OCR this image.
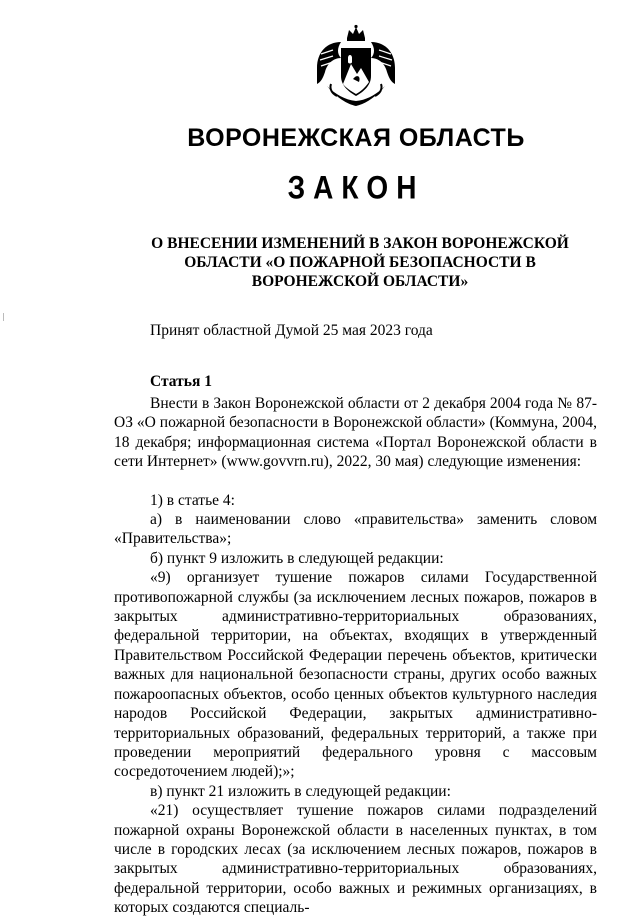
ВОРОНЕЖСКАЯ ОБЛАСТЬ
ЗАКОН
О ВНЕСЕНИИ ИЗМЕНЕНИЙ В ЗАКОН ВОРОНЕЖСКОЙ ОБЛАСТИ «О ПОЖАРНОЙ БЕЗОПАСНОСТИ В ВОРОНЕЖСКОЙ ОБЛАСТИ»
Принят областной Думой 25 мая 2023 года
Статья 1

Внести в Закон Воронежской области от 2 декабря 2004 года № 87-ОЗ «О пожарной безопасности в Воронежской области» (Коммуна, 2004, 18 декабря; информационная система «Портал Воронежской области в сети Интернет» (www.govvrn.ru), 2022, 30 мая) следующие изменения:

1) в статье 4:

а) в наименовании слово «правительства» заменить словом «Правительства»;

б) пункт 9 изложить в следующей редакции:

«9) организует тушение пожаров силами Государственной противопожарной службы (за исключением лесных пожаров, пожаров в закрытых административно-территориальных образованиях, федеральной территории, на объектах, входящих в утвержденный Правительством Российской Федерации перечень объектов, критически важных для национальной безопасности страны, других особо важных пожароопасных объектов, особо ценных объектов культурного наследия народов Российской Федерации, закрытых административно-территориальных образований, федеральных территорий, а также при проведении мероприятий федерального уровня с массовым сосредоточением людей);»;

в) пункт 21 изложить в следующей редакции:

«21) осуществляет тушение пожаров силами подразделений пожарной охраны Воронежской области в населенных пунктах, в том числе в городских лесах (за исключением лесных пожаров, пожаров в закрытых административно-территориальных образованиях, федеральной территории, особо важных и режимных организациях, в которых создаются специаль-
